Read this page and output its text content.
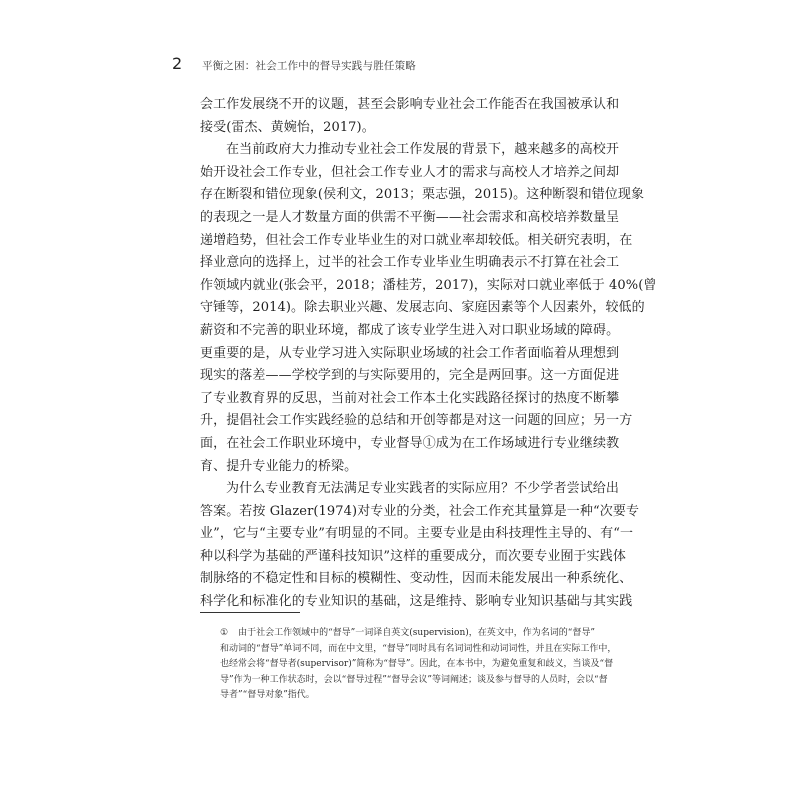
2	平衡之困：社会工作中的督导实践与胜任策略
会工作发展绕不开的议题，甚至会影响专业社会工作能否在我国被承认和
接受(雷杰、黄婉怡，2017)。
在当前政府大力推动专业社会工作发展的背景下，越来越多的高校开
始开设社会工作专业，但社会工作专业人才的需求与高校人才培养之间却
存在断裂和错位现象(侯利文，2013；栗志强，2015)。这种断裂和错位现象
的表现之一是人才数量方面的供需不平衡——社会需求和高校培养数量呈
递增趋势，但社会工作专业毕业生的对口就业率却较低。相关研究表明，在
择业意向的选择上，过半的社会工作专业毕业生明确表示不打算在社会工
作领域内就业(张会平，2018；潘桂芳，2017)，实际对口就业率低于 40%(曾
守锤等，2014)。除去职业兴趣、发展志向、家庭因素等个人因素外，较低的
薪资和不完善的职业环境，都成了该专业学生进入对口职业场域的障碍。
更重要的是，从专业学习进入实际职业场域的社会工作者面临着从理想到
现实的落差——学校学到的与实际要用的，完全是两回事。这一方面促进
了专业教育界的反思，当前对社会工作本土化实践路径探讨的热度不断攀
升，提倡社会工作实践经验的总结和开创等都是对这一问题的回应；另一方
面，在社会工作职业环境中，专业督导①成为在工作场域进行专业继续教
育、提升专业能力的桥梁。
为什么专业教育无法满足专业实践者的实际应用？不少学者尝试给出
答案。若按 Glazer(1974)对专业的分类，社会工作充其量算是一种“次要专
业”，它与“主要专业”有明显的不同。主要专业是由科技理性主导的、有“一
种以科学为基础的严谨科技知识”这样的重要成分，而次要专业囿于实践体
制脉络的不稳定性和目标的模糊性、变动性，因而未能发展出一种系统化、
科学化和标准化的专业知识的基础，这是维持、影响专业知识基础与其实践
① 由于社会工作领域中的“督导”一词译自英文(supervision)，在英文中，作为名词的“督导”
和动词的“督导”单词不同，而在中文里，“督导”同时具有名词词性和动词词性，并且在实际工作中，
也经常会将“督导者(supervisor)”简称为“督导”。因此，在本书中，为避免重复和歧义，当谈及“督
导”作为一种工作状态时，会以“督导过程”“督导会议”等词阐述；谈及参与督导的人员时，会以“督
导者”“督导对象”指代。
